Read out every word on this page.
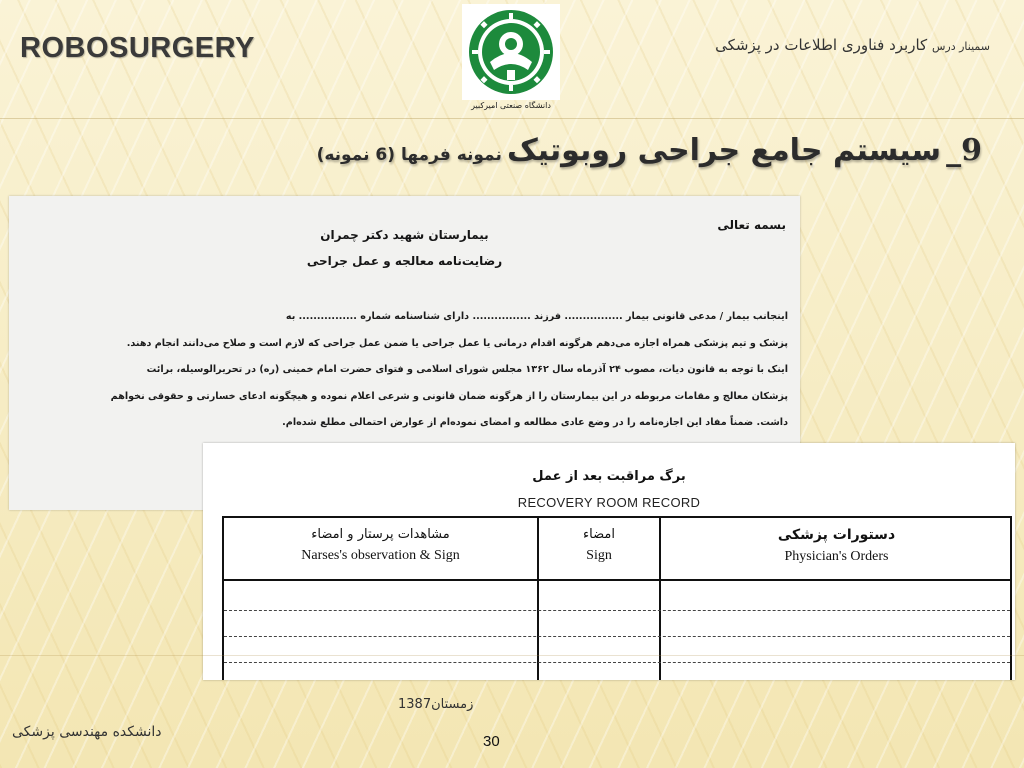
ROBOSURGERY	سمینار درس کاربرد فناوری اطلاعات در پزشکی
دانشگاه صنعتی امیرکبیر
9_ سیستم جامع جراحی روبوتیک نمونه فرمها (6 نمونه)
بسمه تعالی
بیمارستان شهید دکتر چمران
رضایت‌نامه معالجه و عمل جراحی
اینجانب بیمار / مدعی قانونی بیمار ................ فرزند ................ دارای شناسنامه شماره ................ به
پزشک و تیم پزشکی همراه اجازه می‌دهم هرگونه اقدام درمانی یا عمل جراحی یا ضمن عمل جراحی که لازم است و صلاح می‌دانند انجام دهند.
اینک با توجه به قانون دیات، مصوب ۲۴ آذرماه سال ۱۳۶۲ مجلس شورای اسلامی و فتوای حضرت امام خمینی (ره) در تحریرالوسیله، برائت
پزشکان معالج و مقامات مربوطه در این بیمارستان را از هرگونه ضمان قانونی و شرعی اعلام نموده و هیچگونه ادعای خسارتی و حقوقی نخواهم
داشت. ضمناً مفاد این اجازه‌نامه را در وضع عادی مطالعه و امضای نموده‌ام از عوارض احتمالی مطلع شده‌ام.
برگ مراقبت بعد از عمل
RECOVERY ROOM RECORD
مشاهدات پرستار و امضاء
Narses's observation & Sign
امضاء
Sign
دستورات پزشکی
Physician's Orders
زمستان1387
دانشکده مهندسی پزشکی
30
